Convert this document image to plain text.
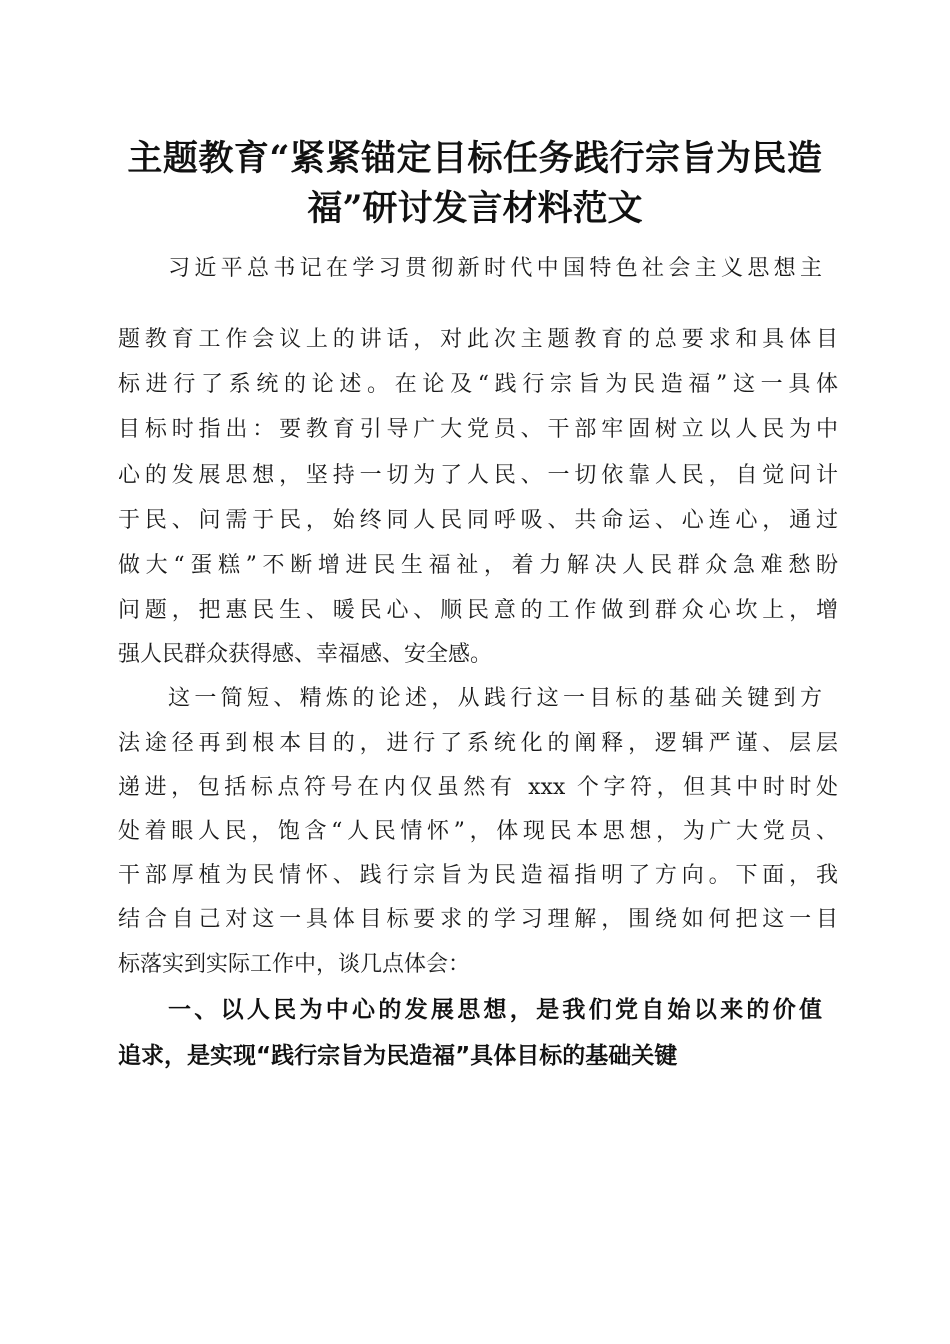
主题教育“紧紧锚定目标任务践行宗旨为民造
福”研讨发言材料范文
习近平总书记在学习贯彻新时代中国特色社会主义思想主
题教育工作会议上的讲话，对此次主题教育的总要求和具体目
标进行了系统的论述。在论及“践行宗旨为民造福”这一具体
目标时指出：要教育引导广大党员、干部牢固树立以人民为中
心的发展思想，坚持一切为了人民、一切依靠人民，自觉问计
于民、问需于民，始终同人民同呼吸、共命运、心连心，通过
做大“蛋糕”不断增进民生福祉，着力解决人民群众急难愁盼
问题，把惠民生、暖民心、顺民意的工作做到群众心坎上，增
强人民群众获得感、幸福感、安全感。
这一简短、精炼的论述，从践行这一目标的基础关键到方
法途径再到根本目的，进行了系统化的阐释，逻辑严谨、层层
递进，包括标点符号在内仅虽然有 xxx 个字符，但其中时时处
处着眼人民，饱含“人民情怀”，体现民本思想，为广大党员、
干部厚植为民情怀、践行宗旨为民造福指明了方向。下面，我
结合自己对这一具体目标要求的学习理解，围绕如何把这一目
标落实到实际工作中，谈几点体会：
一、以人民为中心的发展思想，是我们党自始以来的价值
追求，是实现“践行宗旨为民造福”具体目标的基础关键
